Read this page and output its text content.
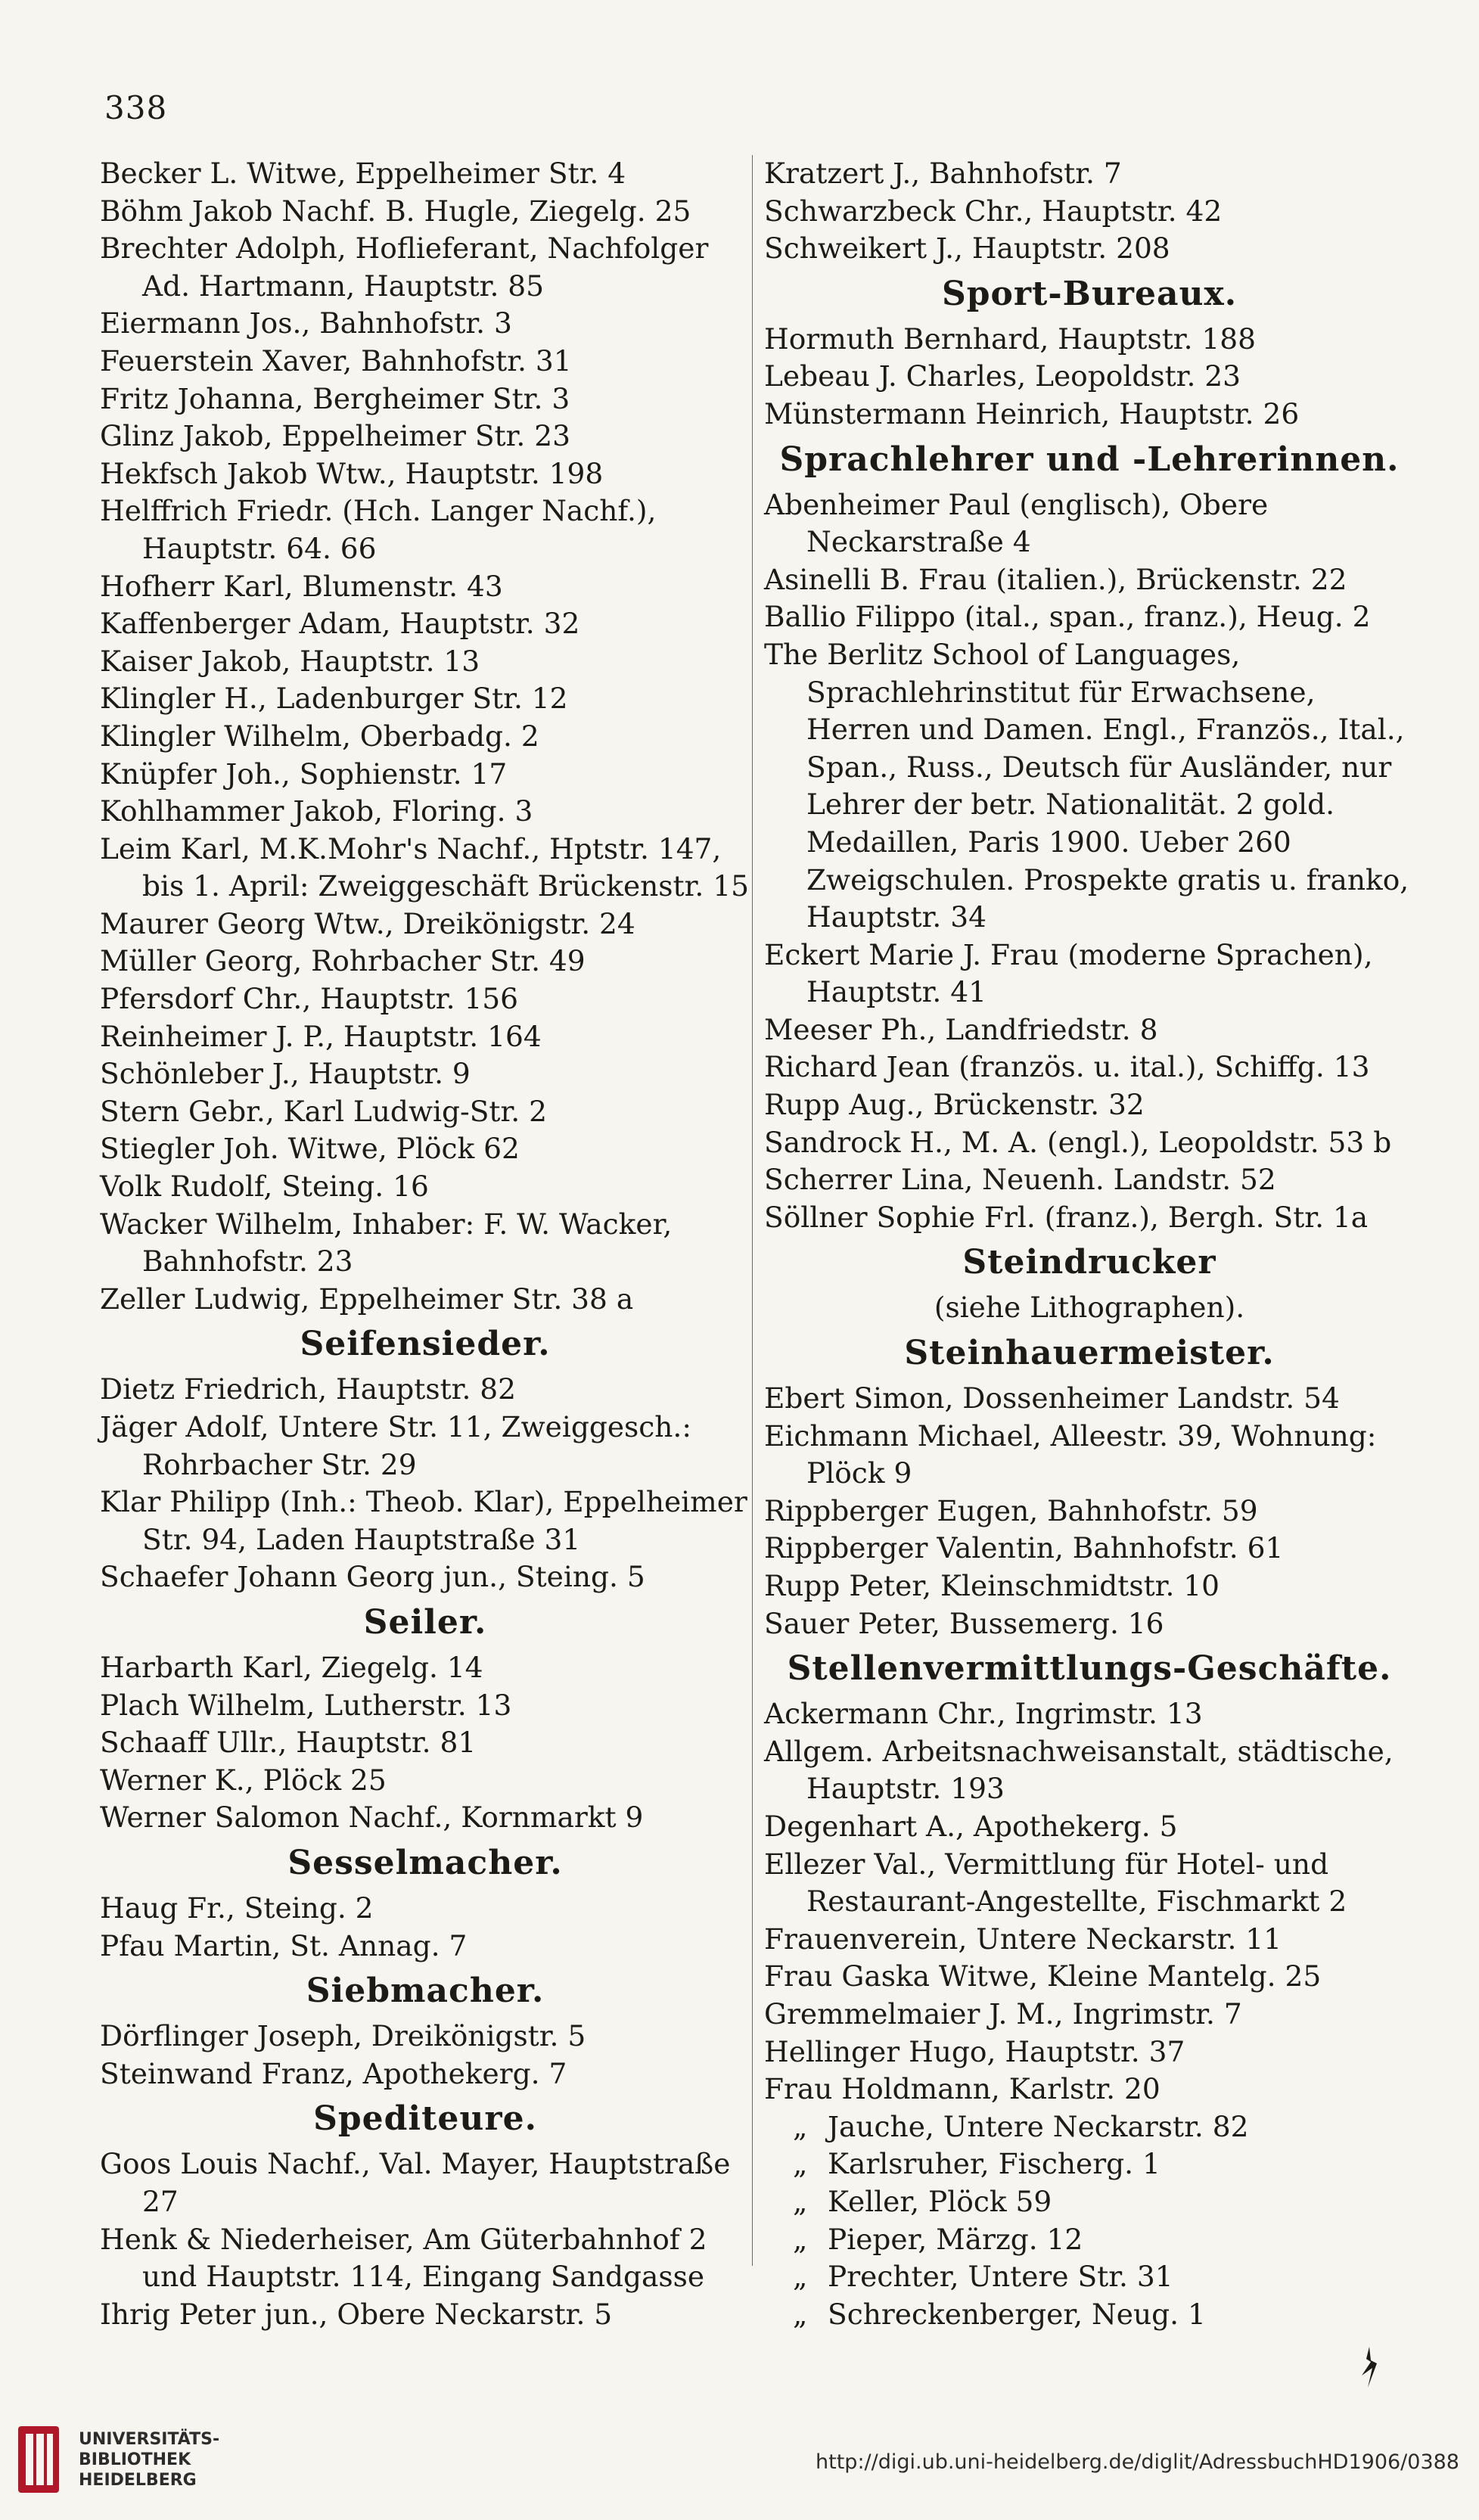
338
Becker L. Witwe, Eppelheimer Str. 4
Böhm Jakob Nachf. B. Hugle, Ziegelg. 25
Brechter Adolph, Hoflieferant, Nachfolger Ad. Hartmann, Hauptstr. 85
Eiermann Jos., Bahnhofstr. 3
Feuerstein Xaver, Bahnhofstr. 31
Fritz Johanna, Bergheimer Str. 3
Glinz Jakob, Eppelheimer Str. 23
Hekfsch Jakob Wtw., Hauptstr. 198
Helffrich Friedr. (Hch. Langer Nachf.), Hauptstr. 64. 66
Hofherr Karl, Blumenstr. 43
Kaffenberger Adam, Hauptstr. 32
Kaiser Jakob, Hauptstr. 13
Klingler H., Ladenburger Str. 12
Klingler Wilhelm, Oberbadg. 2
Knüpfer Joh., Sophienstr. 17
Kohlhammer Jakob, Floring. 3
Leim Karl, M.K.Mohr's Nachf., Hptstr. 147, bis 1. April: Zweiggeschäft Brückenstr. 15
Maurer Georg Wtw., Dreikönigstr. 24
Müller Georg, Rohrbacher Str. 49
Pfersdorf Chr., Hauptstr. 156
Reinheimer J. P., Hauptstr. 164
Schönleber J., Hauptstr. 9
Stern Gebr., Karl Ludwig-Str. 2
Stiegler Joh. Witwe, Plöck 62
Volk Rudolf, Steing. 16
Wacker Wilhelm, Inhaber: F. W. Wacker, Bahnhofstr. 23
Zeller Ludwig, Eppelheimer Str. 38 a
Seifensieder.
Dietz Friedrich, Hauptstr. 82
Jäger Adolf, Untere Str. 11, Zweiggesch.: Rohrbacher Str. 29
Klar Philipp (Inh.: Theob. Klar), Eppelheimer Str. 94, Laden Hauptstraße 31
Schaefer Johann Georg jun., Steing. 5
Seiler.
Harbarth Karl, Ziegelg. 14
Plach Wilhelm, Lutherstr. 13
Schaaff Ullr., Hauptstr. 81
Werner K., Plöck 25
Werner Salomon Nachf., Kornmarkt 9
Sesselmacher.
Haug Fr., Steing. 2
Pfau Martin, St. Annag. 7
Siebmacher.
Dörflinger Joseph, Dreikönigstr. 5
Steinwand Franz, Apothekerg. 7
Spediteure.
Goos Louis Nachf., Val. Mayer, Hauptstraße 27
Henk & Niederheiser, Am Güterbahnhof 2 und Hauptstr. 114, Eingang Sandgasse
Ihrig Peter jun., Obere Neckarstr. 5
Kratzert J., Bahnhofstr. 7
Schwarzbeck Chr., Hauptstr. 42
Schweikert J., Hauptstr. 208
Sport-Bureaux.
Hormuth Bernhard, Hauptstr. 188
Lebeau J. Charles, Leopoldstr. 23
Münstermann Heinrich, Hauptstr. 26
Sprachlehrer und -Lehrerinnen.
Abenheimer Paul (englisch), Obere Neckarstraße 4
Asinelli B. Frau (italien.), Brückenstr. 22
Ballio Filippo (ital., span., franz.), Heug. 2
The Berlitz School of Languages, Sprachlehrinstitut für Erwachsene, Herren und Damen. Engl., Französ., Ital., Span., Russ., Deutsch für Ausländer, nur Lehrer der betr. Nationalität. 2 gold. Medaillen, Paris 1900. Ueber 260 Zweigschulen. Prospekte gratis u. franko, Hauptstr. 34
Eckert Marie J. Frau (moderne Sprachen), Hauptstr. 41
Meeser Ph., Landfriedstr. 8
Richard Jean (französ. u. ital.), Schiffg. 13
Rupp Aug., Brückenstr. 32
Sandrock H., M. A. (engl.), Leopoldstr. 53 b
Scherrer Lina, Neuenh. Landstr. 52
Söllner Sophie Frl. (franz.), Bergh. Str. 1a
Steindrucker
(siehe Lithographen).
Steinhauermeister.
Ebert Simon, Dossenheimer Landstr. 54
Eichmann Michael, Alleestr. 39, Wohnung: Plöck 9
Rippberger Eugen, Bahnhofstr. 59
Rippberger Valentin, Bahnhofstr. 61
Rupp Peter, Kleinschmidtstr. 10
Sauer Peter, Bussemerg. 16
Stellenvermittlungs-Geschäfte.
Ackermann Chr., Ingrimstr. 13
Allgem. Arbeitsnachweisanstalt, städtische, Hauptstr. 193
Degenhart A., Apothekerg. 5
Ellezer Val., Vermittlung für Hotel- und Restaurant-Angestellte, Fischmarkt 2
Frauenverein, Untere Neckarstr. 11
Frau Gaska Witwe, Kleine Mantelg. 25
Gremmelmaier J. M., Ingrimstr. 7
Hellinger Hugo, Hauptstr. 37
Frau Holdmann, Karlstr. 20
„ Jauche, Untere Neckarstr. 82
„ Karlsruher, Fischerg. 1
„ Keller, Plöck 59
„ Pieper, Märzg. 12
„ Prechter, Untere Str. 31
„ Schreckenberger, Neug. 1
UNIVERSITÄTS-
BIBLIOTHEK
HEIDELBERG
http://digi.ub.uni-heidelberg.de/diglit/AdressbuchHD1906/0388
